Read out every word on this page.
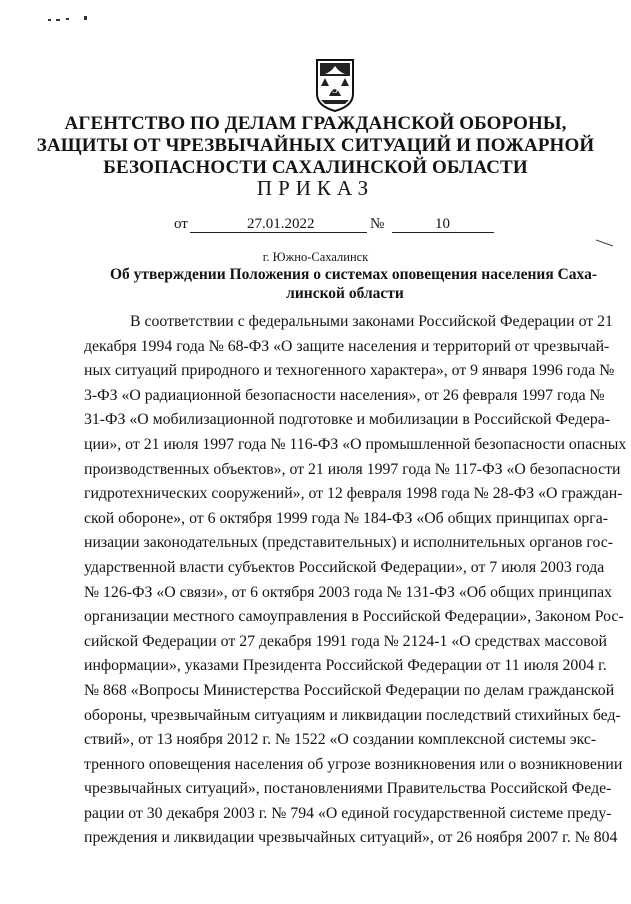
5
АГЕНТСТВО ПО ДЕЛАМ ГРАЖДАНСКОЙ ОБОРОНЫ,
ЗАЩИТЫ ОТ ЧРЕЗВЫЧАЙНЫХ СИТУАЦИЙ И ПОЖАРНОЙ
БЕЗОПАСНОСТИ САХАЛИНСКОЙ ОБЛАСТИ
ПРИКАЗ
от	27.01.2022	№	10
г. Южно-Сахалинск
Об утверждении Положения о системах оповещения населения Саха-
линской области
В соответствии с федеральными законами Российской Федерации от 21
декабря 1994 года № 68-ФЗ «О защите населения и территорий от чрезвычай-
ных ситуаций природного и техногенного характера», от 9 января 1996 года №
3-ФЗ «О радиационной безопасности населения», от 26 февраля 1997 года №
31-ФЗ «О мобилизационной подготовке и мобилизации в Российской Федера-
ции», от 21 июля 1997 года № 116-ФЗ «О промышленной безопасности опасных
производственных объектов», от 21 июля 1997 года № 117-ФЗ «О безопасности
гидротехнических сооружений», от 12 февраля 1998 года № 28-ФЗ «О граждан-
ской обороне», от 6 октября 1999 года № 184-ФЗ «Об общих принципах орга-
низации законодательных (представительных) и исполнительных органов гос-
ударственной власти субъектов Российской Федерации», от 7 июля 2003 года
№ 126-ФЗ «О связи», от 6 октября 2003 года № 131-ФЗ «Об общих принципах
организации местного самоуправления в Российской Федерации», Законом Рос-
сийской Федерации от 27 декабря 1991 года № 2124-1 «О средствах массовой
информации», указами Президента Российской Федерации от 11 июля 2004 г.
№ 868 «Вопросы Министерства Российской Федерации по делам гражданской
обороны, чрезвычайным ситуациям и ликвидации последствий стихийных бед-
ствий», от 13 ноября 2012 г. № 1522 «О создании комплексной системы экс-
тренного оповещения населения об угрозе возникновения или о возникновении
чрезвычайных ситуаций», постановлениями Правительства Российской Феде-
рации от 30 декабря 2003 г. № 794 «О единой государственной системе преду-
преждения и ликвидации чрезвычайных ситуаций», от 26 ноября 2007 г. № 804
